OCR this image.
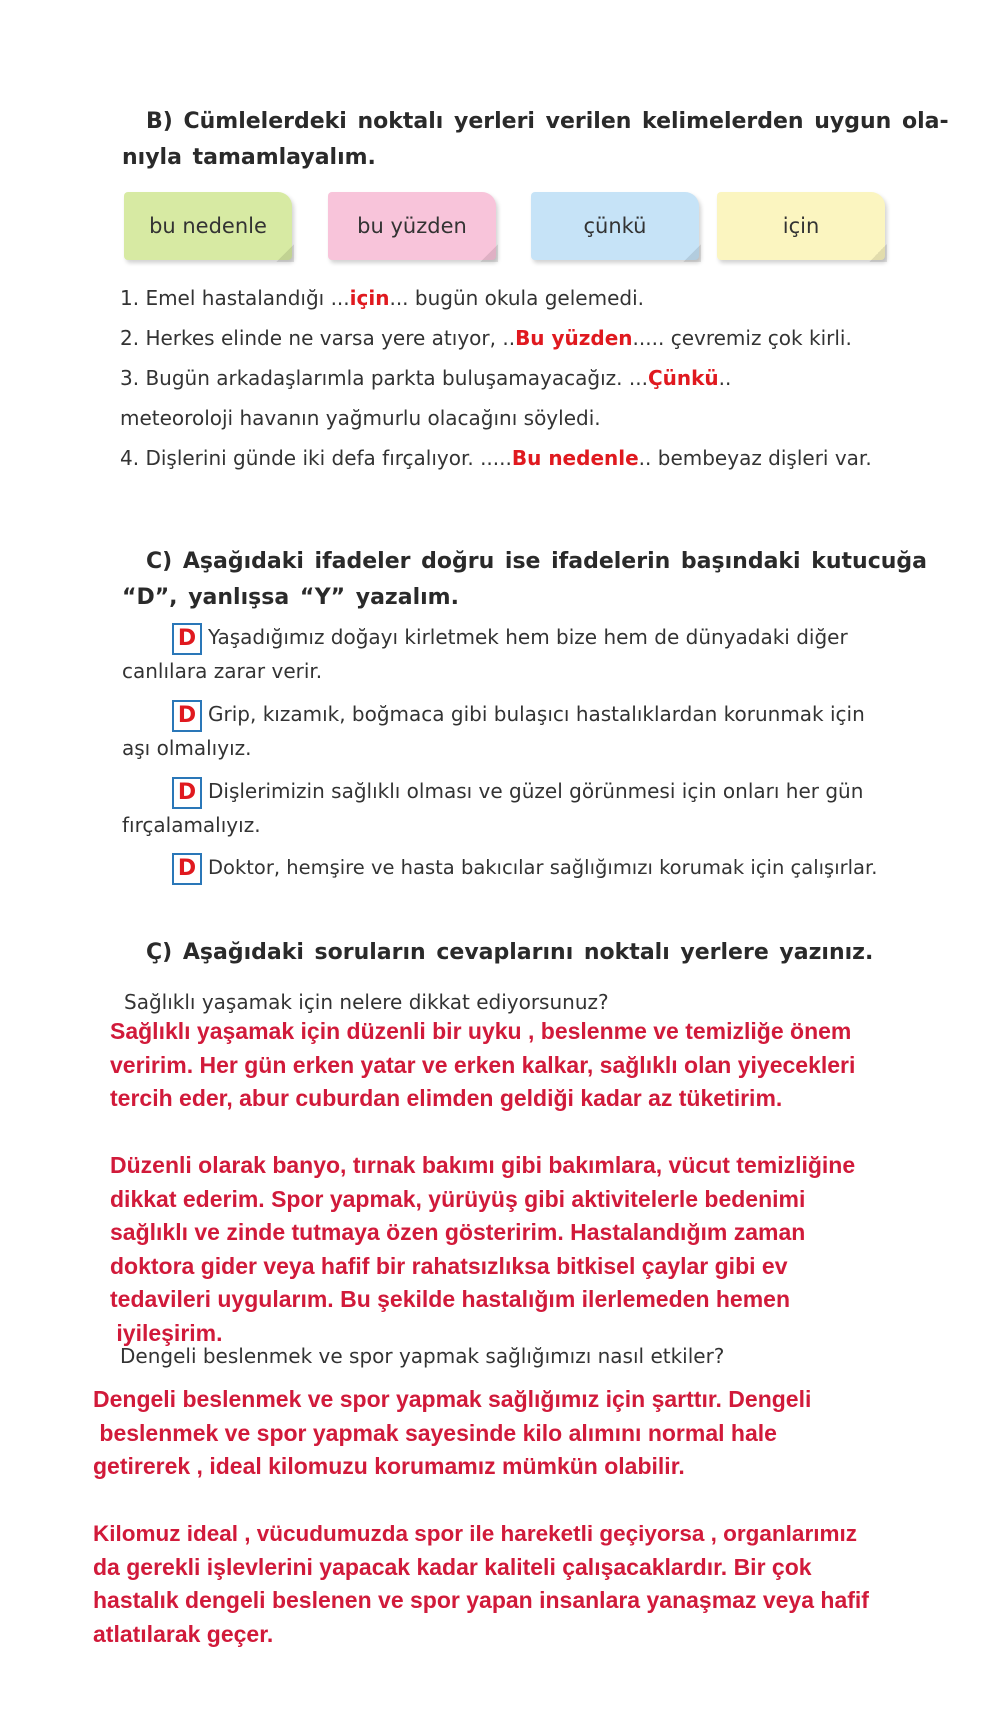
B) Cümlelerdeki noktalı yerleri verilen kelimelerden uygun ola-
nıyla tamamlayalım.
bu nedenle	bu yüzden	çünkü	için
1. Emel hastalandığı ...için... bugün okula gelemedi.
2. Herkes elinde ne varsa yere atıyor, ..Bu yüzden..... çevremiz çok kirli.
3. Bugün arkadaşlarımla parkta buluşamayacağız. ...Çünkü..
meteoroloji havanın yağmurlu olacağını söyledi.
4. Dişlerini günde iki defa fırçalıyor. .....Bu nedenle.. bembeyaz dişleri var.
C) Aşağıdaki ifadeler doğru ise ifadelerin başındaki kutucuğa
“D”, yanlışsa “Y” yazalım.
D Yaşadığımız doğayı kirletmek hem bize hem de dünyadaki diğer
canlılara zarar verir.
D Grip, kızamık, boğmaca gibi bulaşıcı hastalıklardan korunmak için
aşı olmalıyız.
D Dişlerimizin sağlıklı olması ve güzel görünmesi için onları her gün
fırçalamalıyız.
D Doktor, hemşire ve hasta bakıcılar sağlığımızı korumak için çalışırlar.
Ç) Aşağıdaki soruların cevaplarını noktalı yerlere yazınız.
Sağlıklı yaşamak için nelere dikkat ediyorsunuz?
Sağlıklı yaşamak için düzenli bir uyku , beslenme ve temizliğe önem
veririm. Her gün erken yatar ve erken kalkar, sağlıklı olan yiyecekleri
tercih eder, abur cuburdan elimden geldiği kadar az tüketirim.
Düzenli olarak banyo, tırnak bakımı gibi bakımlara, vücut temizliğine
dikkat ederim. Spor yapmak, yürüyüş gibi aktivitelerle bedenimi
sağlıklı ve zinde tutmaya özen gösteririm. Hastalandığım zaman
doktora gider veya hafif bir rahatsızlıksa bitkisel çaylar gibi ev
tedavileri uygularım. Bu şekilde hastalığım ilerlemeden hemen
iyileşirim.
Dengeli beslenmek ve spor yapmak sağlığımızı nasıl etkiler?
Dengeli beslenmek ve spor yapmak sağlığımız için şarttır. Dengeli
beslenmek ve spor yapmak sayesinde kilo alımını normal hale
getirerek , ideal kilomuzu korumamız mümkün olabilir.
Kilomuz ideal , vücudumuzda spor ile hareketli geçiyorsa , organlarımız
da gerekli işlevlerini yapacak kadar kaliteli çalışacaklardır. Bir çok
hastalık dengeli beslenen ve spor yapan insanlara yanaşmaz veya hafif
atlatılarak geçer.
